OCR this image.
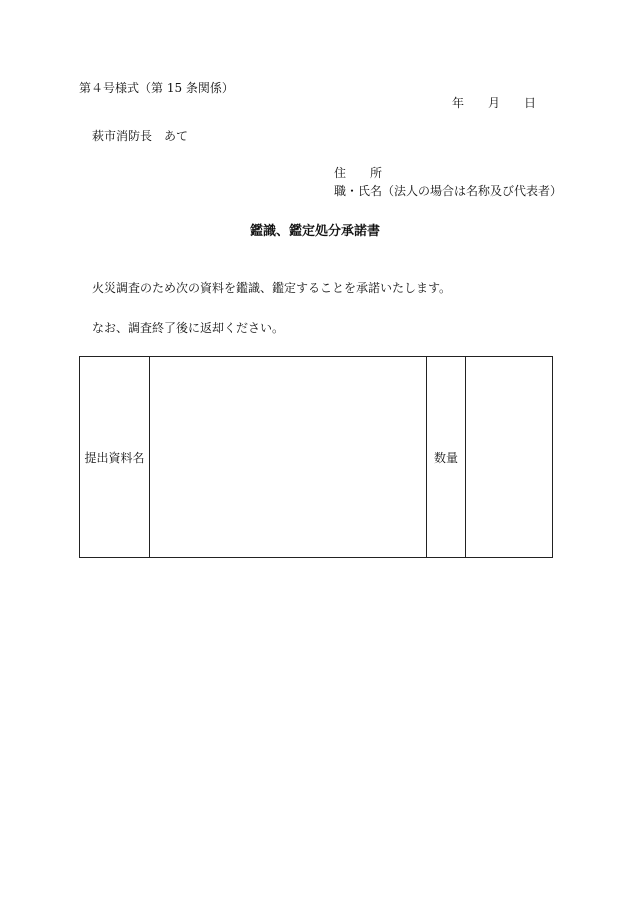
第４号様式（第 15 条関係）
年 月 日
萩市消防長 あて
住 所
職・氏名（法人の場合は名称及び代表者）
鑑識、鑑定処分承諾書
火災調査のため次の資料を鑑識、鑑定することを承諾いたします。
なお、調査終了後に返却ください。
提出資料名		数量	
